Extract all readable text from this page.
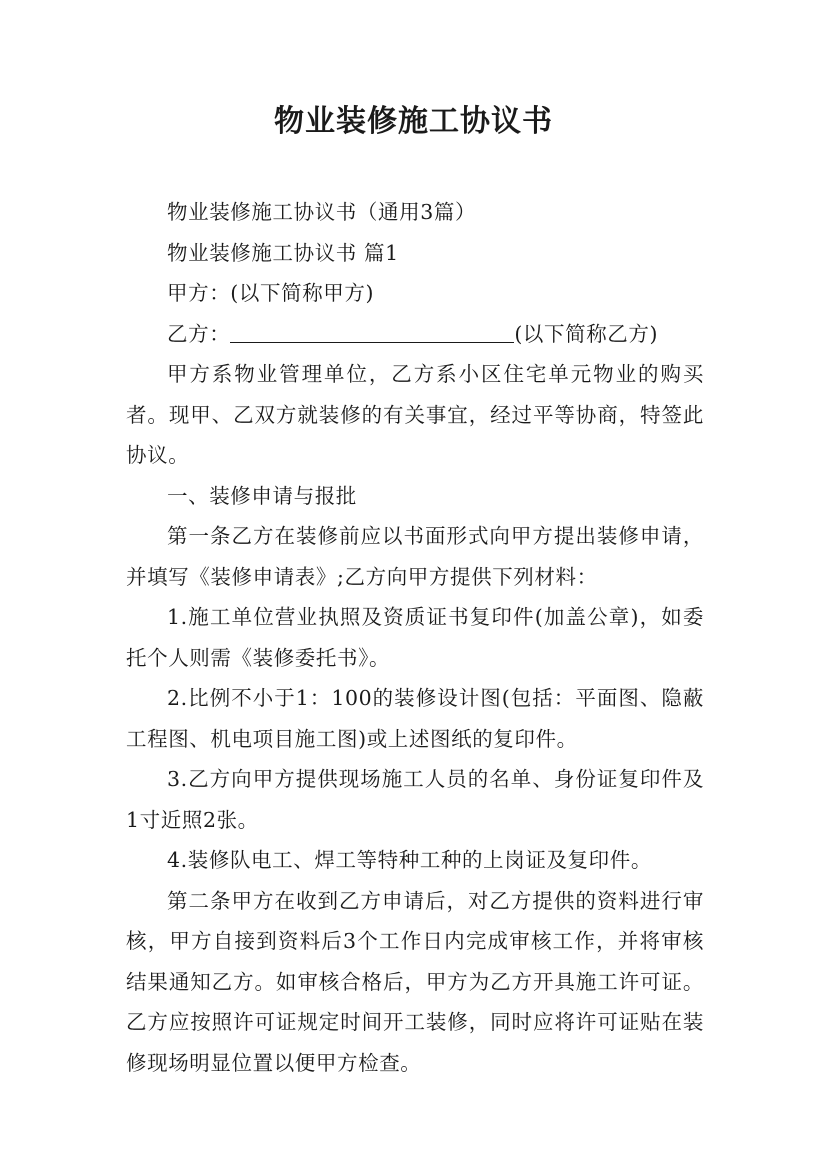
物业装修施工协议书

物业装修施工协议书（通用3篇）

物业装修施工协议书 篇1

甲方：(以下简称甲方)

乙方：	(以下简称乙方)

甲方系物业管理单位，乙方系小区住宅单元物业的购买者。现甲、乙双方就装修的有关事宜，经过平等协商，特签此协议。

一、装修申请与报批

第一条乙方在装修前应以书面形式向甲方提出装修申请，并填写《装修申请表》;乙方向甲方提供下列材料：

1.施工单位营业执照及资质证书复印件(加盖公章)，如委托个人则需《装修委托书》。

2.比例不小于1：100的装修设计图(包括：平面图、隐蔽工程图、机电项目施工图)或上述图纸的复印件。

3.乙方向甲方提供现场施工人员的名单、身份证复印件及1寸近照2张。

4.装修队电工、焊工等特种工种的上岗证及复印件。

第二条甲方在收到乙方申请后，对乙方提供的资料进行审核，甲方自接到资料后3个工作日内完成审核工作，并将审核结果通知乙方。如审核合格后，甲方为乙方开具施工许可证。乙方应按照许可证规定时间开工装修，同时应将许可证贴在装修现场明显位置以便甲方检查。
